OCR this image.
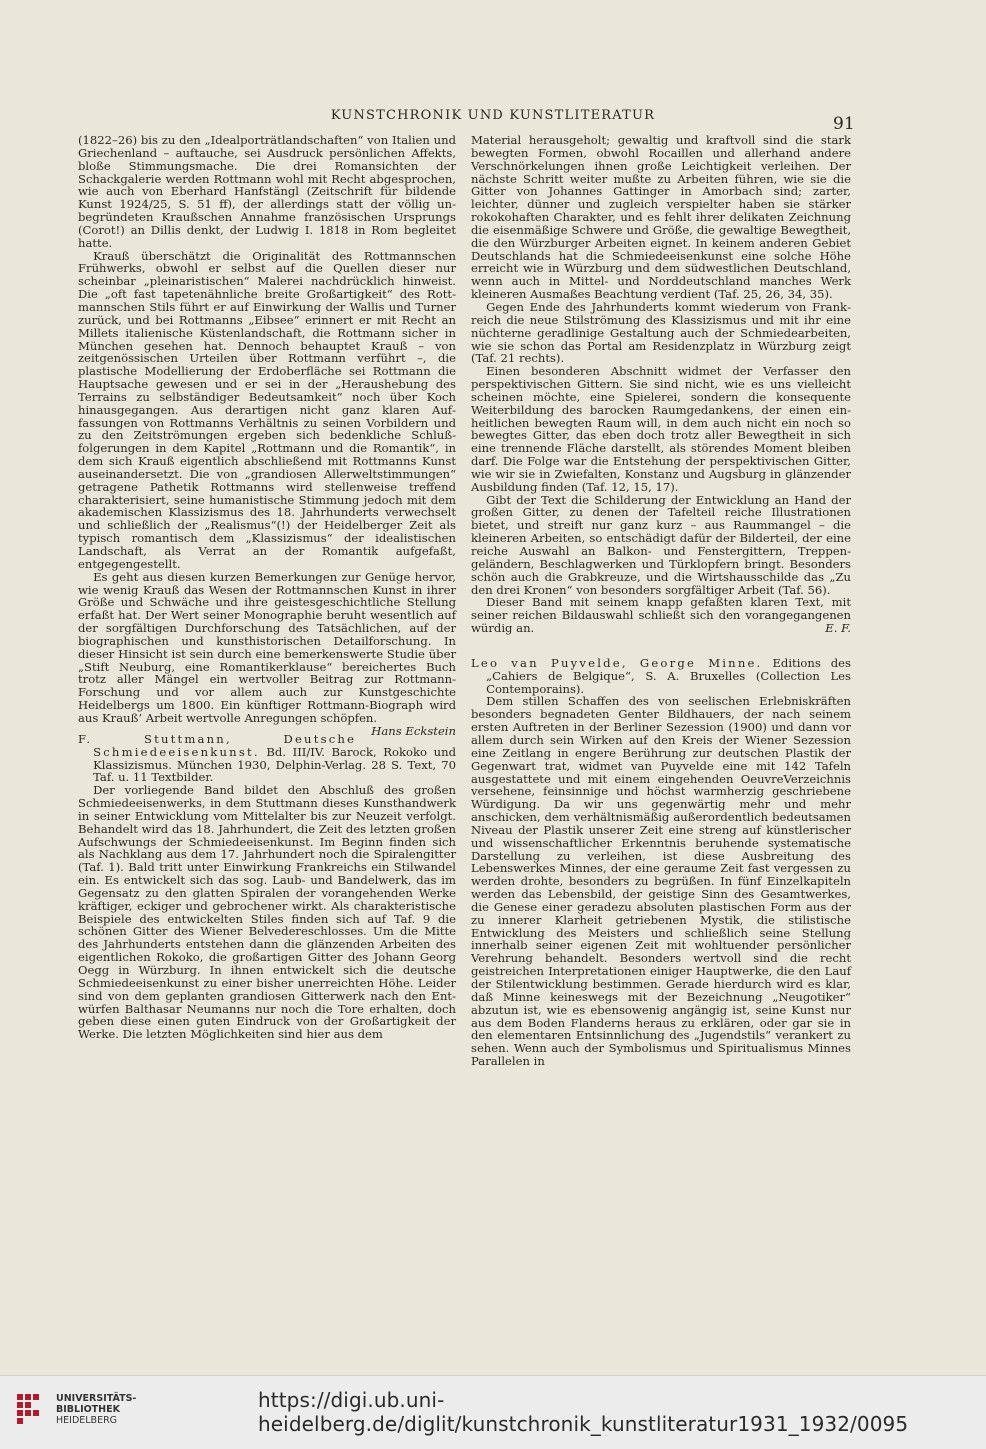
KUNSTCHRONIK UND KUNSTLITERATUR	91

(1822–26) bis zu den „Idealporträtlandschaften“ von Italien und Griechenland – auftauche, sei Ausdruck persönlichen Affekts, bloße Stimmungsmache. Die drei Romansichten der Schackgalerie werden Rottmann wohl mit Recht abgesprochen, wie auch von Eberhard Hanfstängl (Zeitschrift für bildende Kunst 1924/25, S. 51 ff), der allerdings statt der völlig unbegründeten Kraußschen Annahme französischen Ursprungs (Corot!) an Dillis denkt, der Ludwig I. 1818 in Rom begleitet hatte.

Krauß überschätzt die Originalität des Rottmannschen Frühwerks, obwohl er selbst auf die Quellen dieser nur scheinbar „pleinaristischen“ Malerei nachdrücklich hinweist. Die „oft fast tapetenähnliche breite Großartigkeit“ des Rottmannschen Stils führt er auf Einwirkung der Wallis und Turner zurück, und bei Rottmanns „Eibsee“ erinnert er mit Recht an Millets italienische Küstenlandschaft, die Rottmann sicher in München gesehen hat. Dennoch behauptet Krauß – von zeitgenössischen Urteilen über Rottmann verführt –, die plastische Modellierung der Erdoberfläche sei Rottmann die Hauptsache gewesen und er sei in der „Heraushebung des Terrains zu selbständiger Bedeutsamkeit“ noch über Koch hinausgegangen. Aus derartigen nicht ganz klaren Auffassungen von Rottmanns Verhältnis zu seinen Vorbildern und zu den Zeitströmungen ergeben sich bedenkliche Schlußfolgerungen in dem Kapitel „Rottmann und die Romantik“, in dem sich Krauß eigentlich abschließend mit Rottmanns Kunst auseinandersetzt. Die von „grandiosen Allerweltstimmungen“ getragene Pathetik Rottmanns wird stellenweise treffend charakterisiert, seine humanistische Stimmung jedoch mit dem akademischen Klassizismus des 18. Jahrhunderts verwechselt und schließlich der „Realismus“(!) der Heidelberger Zeit als typisch romantisch dem „Klassizismus“ der idealistischen Landschaft, als Verrat an der Romantik aufgefaßt, entgegengestellt.

Es geht aus diesen kurzen Bemerkungen zur Genüge hervor, wie wenig Krauß das Wesen der Rottmannschen Kunst in ihrer Größe und Schwäche und ihre geistesgeschichtliche Stellung erfaßt hat. Der Wert seiner Monographie beruht wesentlich auf der sorgfältigen Durchforschung des Tatsächlichen, auf der biographischen und kunsthistorischen Detailforschung. In dieser Hinsicht ist sein durch eine bemerkenswerte Studie über „Stift Neuburg, eine Romantikerklause“ bereichertes Buch trotz aller Mängel ein wertvoller Beitrag zur Rottmann-Forschung und vor allem auch zur Kunstgeschichte Heidelbergs um 1800. Ein künftiger Rottmann-Biograph wird aus Krauß’ Arbeit wertvolle Anregungen schöpfen.
Hans Eckstein

F. Stuttmann, Deutsche Schmiedeeisenkunst. Bd. III/IV. Barock, Rokoko und Klassizismus. München 1930, Delphin-Verlag. 28 S. Text, 70 Taf. u. 11 Textbilder.

Der vorliegende Band bildet den Abschluß des großen Schmiedeeisenwerks, in dem Stuttmann dieses Kunsthandwerk in seiner Entwicklung vom Mittelalter bis zur Neuzeit verfolgt. Behandelt wird das 18. Jahrhundert, die Zeit des letzten großen Aufschwungs der Schmiedeeisenkunst. Im Beginn finden sich als Nachklang aus dem 17. Jahrhundert noch die Spiralengitter (Taf. 1). Bald tritt unter Einwirkung Frankreichs ein Stilwandel ein. Es entwickelt sich das sog. Laub- und Bandelwerk, das im Gegensatz zu den glatten Spiralen der vorangehenden Werke kräftiger, eckiger und gebrochener wirkt. Als charakteristische Beispiele des entwickelten Stiles finden sich auf Taf. 9 die schönen Gitter des Wiener Belvedereschlosses. Um die Mitte des Jahrhunderts entstehen dann die glänzenden Arbeiten des eigentlichen Rokoko, die großartigen Gitter des Johann Georg Oegg in Würzburg. In ihnen entwickelt sich die deutsche Schmiedeeisenkunst zu einer bisher unerreichten Höhe. Leider sind von dem geplanten grandiosen Gitterwerk nach den Entwürfen Balthasar Neumanns nur noch die Tore erhalten, doch geben diese einen guten Eindruck von der Großartigkeit der Werke. Die letzten Möglichkeiten sind hier aus dem

Material herausgeholt; gewaltig und kraftvoll sind die stark bewegten Formen, obwohl Rocaillen und allerhand andere Verschnörkelungen ihnen große Leichtigkeit verleihen. Der nächste Schritt weiter mußte zu Arbeiten führen, wie sie die Gitter von Johannes Gattinger in Amorbach sind; zarter, leichter, dünner und zugleich verspielter haben sie stärker rokokohaften Charakter, und es fehlt ihrer delikaten Zeichnung die eisenmäßige Schwere und Größe, die gewaltige Bewegtheit, die den Würzburger Arbeiten eignet. In keinem anderen Gebiet Deutschlands hat die Schmiedeeisenkunst eine solche Höhe erreicht wie in Würzburg und dem südwestlichen Deutschland, wenn auch in Mittel- und Norddeutschland manches Werk kleineren Ausmaßes Beachtung verdient (Taf. 25, 26, 34, 35).

Gegen Ende des Jahrhunderts kommt wiederum von Frankreich die neue Stilströmung des Klassizismus und mit ihr eine nüchterne geradlinige Gestaltung auch der Schmiedearbeiten, wie sie schon das Portal am Residenzplatz in Würzburg zeigt (Taf. 21 rechts).

Einen besonderen Abschnitt widmet der Verfasser den perspektivischen Gittern. Sie sind nicht, wie es uns vielleicht scheinen möchte, eine Spielerei, sondern die konsequente Weiterbildung des barocken Raumgedankens, der einen einheitlichen bewegten Raum will, in dem auch nicht ein noch so bewegtes Gitter, das eben doch trotz aller Bewegtheit in sich eine trennende Fläche darstellt, als störendes Moment bleiben darf. Die Folge war die Entstehung der perspektivischen Gitter, wie wir sie in Zwiefalten, Konstanz und Augsburg in glänzender Ausbildung finden (Taf. 12, 15, 17).

Gibt der Text die Schilderung der Entwicklung an Hand der großen Gitter, zu denen der Tafelteil reiche Illustrationen bietet, und streift nur ganz kurz – aus Raummangel – die kleineren Arbeiten, so entschädigt dafür der Bilderteil, der eine reiche Auswahl an Balkon- und Fenstergittern, Treppengeländern, Beschlagwerken und Türklopfern bringt. Besonders schön auch die Grabkreuze, und die Wirtshausschilde das „Zu den drei Kronen“ von besonders sorgfältiger Arbeit (Taf. 56).

Dieser Band mit seinem knapp gefaßten klaren Text, mit seiner reichen Bildauswahl schließt sich den vorangegangenen würdig an.	E. F.

Leo van Puyvelde, George Minne. Editions des „Cahiers de Belgique“, S. A. Bruxelles (Collection Les Contemporains).

Dem stillen Schaffen des von seelischen Erlebniskräften besonders begnadeten Genter Bildhauers, der nach seinem ersten Auftreten in der Berliner Sezession (1900) und dann vor allem durch sein Wirken auf den Kreis der Wiener Sezession eine Zeitlang in engere Berührung zur deutschen Plastik der Gegenwart trat, widmet van Puyvelde eine mit 142 Tafeln ausgestattete und mit einem eingehenden OeuvreVerzeichnis versehene, feinsinnige und höchst warmherzig geschriebene Würdigung. Da wir uns gegenwärtig mehr und mehr anschicken, dem verhältnismäßig außerordentlich bedeutsamen Niveau der Plastik unserer Zeit eine streng auf künstlerischer und wissenschaftlicher Erkenntnis beruhende systematische Darstellung zu verleihen, ist diese Ausbreitung des Lebenswerkes Minnes, der eine geraume Zeit fast vergessen zu werden drohte, besonders zu begrüßen. In fünf Einzelkapiteln werden das Lebensbild, der geistige Sinn des Gesamtwerkes, die Genese einer geradezu absoluten plastischen Form aus der zu innerer Klarheit getriebenen Mystik, die stilistische Entwicklung des Meisters und schließlich seine Stellung innerhalb seiner eigenen Zeit mit wohltuender persönlicher Verehrung behandelt. Besonders wertvoll sind die recht geistreichen Interpretationen einiger Hauptwerke, die den Lauf der Stilentwicklung bestimmen. Gerade hierdurch wird es klar, daß Minne keineswegs mit der Bezeichnung „Neugotiker“ abzutun ist, wie es ebensowenig angängig ist, seine Kunst nur aus dem Boden Flanderns heraus zu erklären, oder gar sie in den elementaren Entsinnlichung des „Jugendstils“ verankert zu sehen. Wenn auch der Symbolismus und Spiritualismus Minnes Parallelen in

UNIVERSITÄTS-
BIBLIOTHEK
HEIDELBERG
https://digi.ub.uni-heidelberg.de/diglit/kunstchronik_kunstliteratur1931_1932/0095
